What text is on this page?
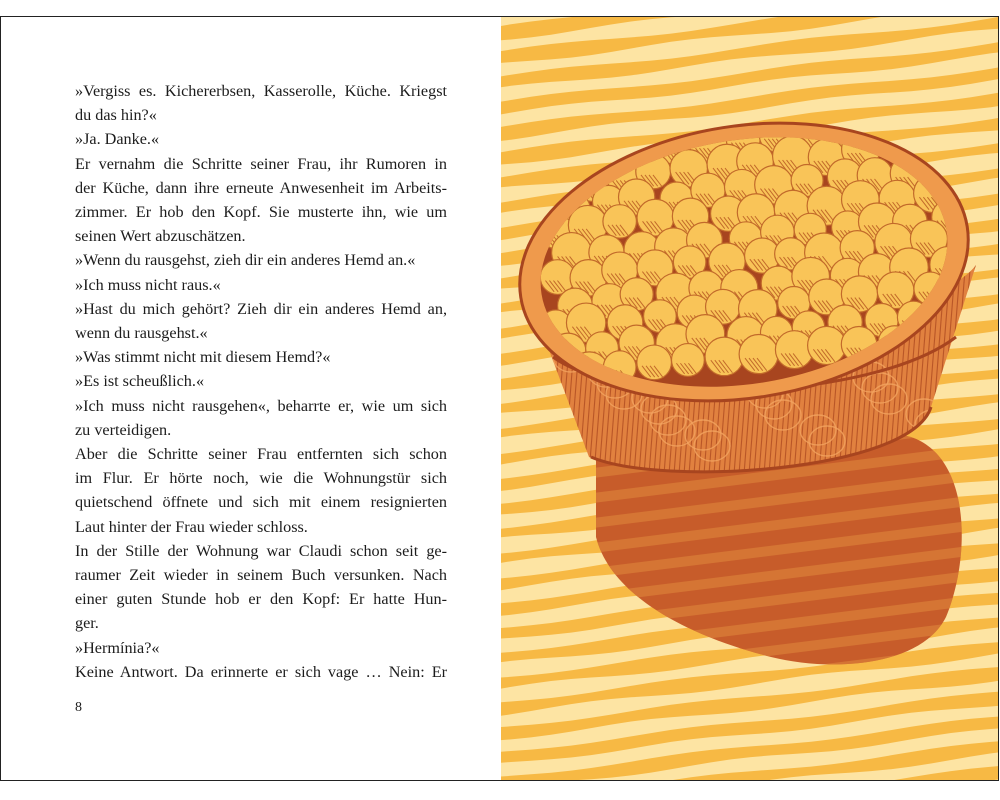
»Vergiss es. Kichererbsen, Kasserolle, Küche. Kriegst
du das hin?«
»Ja. Danke.«
Er vernahm die Schritte seiner Frau, ihr Rumoren in
der Küche, dann ihre erneute Anwesenheit im Arbeits-
zimmer. Er hob den Kopf. Sie musterte ihn, wie um
seinen Wert abzuschätzen.
»Wenn du rausgehst, zieh dir ein anderes Hemd an.«
»Ich muss nicht raus.«
»Hast du mich gehört? Zieh dir ein anderes Hemd an,
wenn du rausgehst.«
»Was stimmt nicht mit diesem Hemd?«
»Es ist scheußlich.«
»Ich muss nicht rausgehen«, beharrte er, wie um sich
zu verteidigen.
Aber die Schritte seiner Frau entfernten sich schon
im Flur. Er hörte noch, wie die Wohnungstür sich
quietschend öffnete und sich mit einem resignierten
Laut hinter der Frau wieder schloss.
In der Stille der Wohnung war Claudi schon seit ge-
raumer Zeit wieder in seinem Buch versunken. Nach
einer guten Stunde hob er den Kopf: Er hatte Hun-
ger.
»Hermínia?«
Keine Antwort. Da erinnerte er sich vage … Nein: Er
8
